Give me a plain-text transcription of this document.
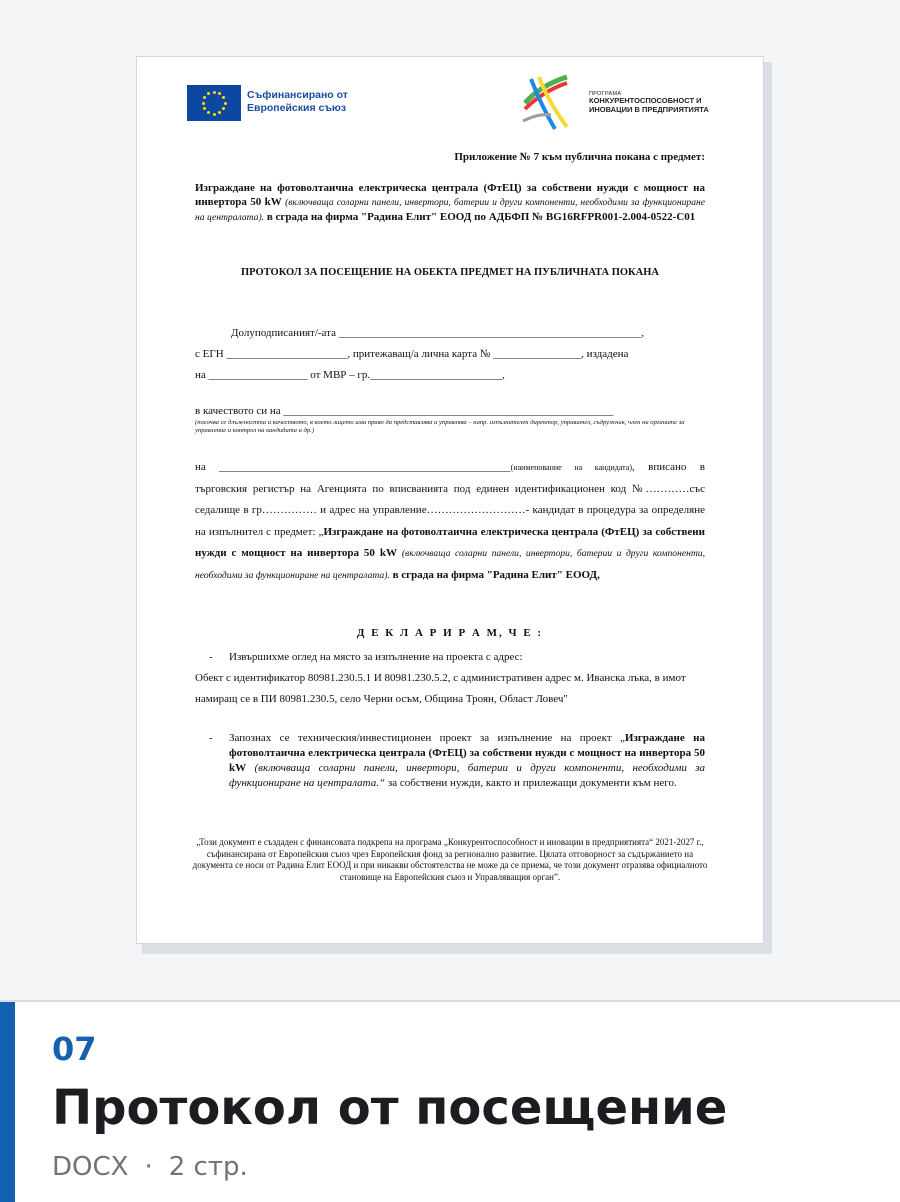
Съфинансирано от
Европейския съюз
ПРОГРАМА
КОНКУРЕНТОСПОСОБНОСТ И
ИНОВАЦИИ В ПРЕДПРИЯТИЯТА
Приложение № 7 към публична покана с предмет:
Изграждане на фотоволтаична електрическа централа (ФтЕЦ) за собствени нужди с мощност на инвертора 50 kW (включваща соларни панели, инвертори, батерии и други компоненти, необходими за функциониране на централата). в сграда на фирма "Радина Елит" ЕООД по АДБФП № BG16RFPR001-2.004-0522-C01
ПРОТОКОЛ ЗА ПОСЕЩЕНИЕ НА ОБЕКТА ПРЕДМЕТ НА ПУБЛИЧНАТА ПОКАНА
Долуподписаният/-ата _______________________________________________________,
с ЕГН ______________________, притежаващ/а лична карта № ________________, издадена
на __________________ от МВР – гр.________________________,
в качеството си на ____________________________________________________________
(посочва се длъжността и качеството, в което лицето има право да представлява и управлява – напр. изпълнителен директор, управител, съдружник, член на органите за управление и контрол на кандидата и др.)
на _____________________________________________________(наименование на кандидата), вписано в търговския регистър на Агенцията по вписванията под единен идентификационен код №…………със седалище в гр…………… и адрес на управление………………………- кандидат в процедура за определяне на изпълнител с предмет: „Изграждане на фотоволтаична електрическа централа (ФтЕЦ) за собствени нужди с мощност на инвертора 50 kW (включваща соларни панели, инвертори, батерии и други компоненти, необходими за функциониране на централата). в сграда на фирма "Радина Елит" ЕООД,
Д Е К Л А Р И Р А М, Ч Е :
- Извършихме оглед на място за изпълнение на проекта с адрес:
Обект с идентификатор 80981.230.5.1 И 80981.230.5.2, с административен адрес м. Иванска лъка, в имот намиращ се в ПИ 80981.230.5, село Черни осъм, Община Троян, Област Ловеч"
- Запознах се техническия/инвестиционен проект за изпълнение на проект „Изграждане на фотоволтаична електрическа централа (ФтЕЦ) за собствени нужди с мощност на инвертора 50 kW (включваща соларни панели, инвертори, батерии и други компоненти, необходими за функциониране на централата.“ за собствени нужди, както и прилежащи документи към него.
„Този документ е създаден с финансовата подкрепа на програма „Конкурентоспособност и иновации в предприятията“ 2021-2027 г., съфинансирана от Европейския съюз чрез Европейския фонд за регионално развитие. Цялата отговорност за съдържанието на документа се носи от Радина Елит ЕООД и при никакви обстоятелства не може да се приема, че този документ отразява официалното становище на Европейския съюз и Управляващия орган”.
07
Протокол от посещение
DOCX · 2 стр.
